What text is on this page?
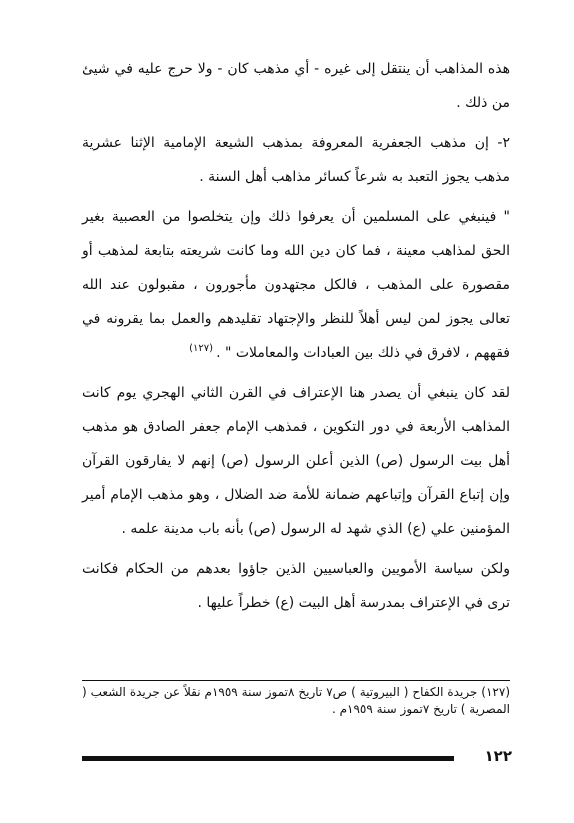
هذه المذاهب أن ينتقل إلى غيره - أي مذهب كان - ولا حرج عليه في شيئ من ذلك .

٢- إن مذهب الجعفرية المعروفة بمذهب الشيعة الإمامية الإثنا عشرية مذهب يجوز التعبد به شرعاً كسائر مذاهب أهل السنة .

" فينبغي على المسلمين أن يعرفوا ذلك وإن يتخلصوا من العصبية بغير الحق لمذاهب معينة ، فما كان دين الله وما كانت شريعته بتابعة لمذهب أو مقصورة على المذهب ، فالكل مجتهدون مأجورون ، مقبولون عند الله تعالى يجوز لمن ليس أهلاً للنظر والإجتهاد تقليدهم والعمل بما يقرونه في فقههم ، لافرق في ذلك بين العبادات والمعاملات " .$^{(١٢٧)}$

لقد كان ينبغي أن يصدر هنا الإعتراف في القرن الثاني الهجري يوم كانت المذاهب الأربعة في دور التكوين ، فمذهب الإمام جعفر الصادق هو مذهب أهل بيت الرسول (ص) الذين أعلن الرسول (ص) إنهم لا يفارقون القرآن وإن إتباع القرآن وإتباعهم ضمانة للأمة ضد الضلال ، وهو مذهب الإمام أمير المؤمنين علي (ع) الذي شهد له الرسول (ص) بأنه باب مدينة علمه .

ولكن سياسة الأمويين والعباسيين الذين جاؤوا بعدهم من الحكام فكانت ترى في الإعتراف بمدرسة أهل البيت (ع) خطراً عليها .

(١٢٧) جريدة الكفاح ( البيروتية ) ص٧ تاريخ ٨تموز سنة ١٩٥٩م نقلاً عن جريدة الشعب ( المصرية ) تاريخ ٧تموز سنة ١٩٥٩م .
١٢٢
